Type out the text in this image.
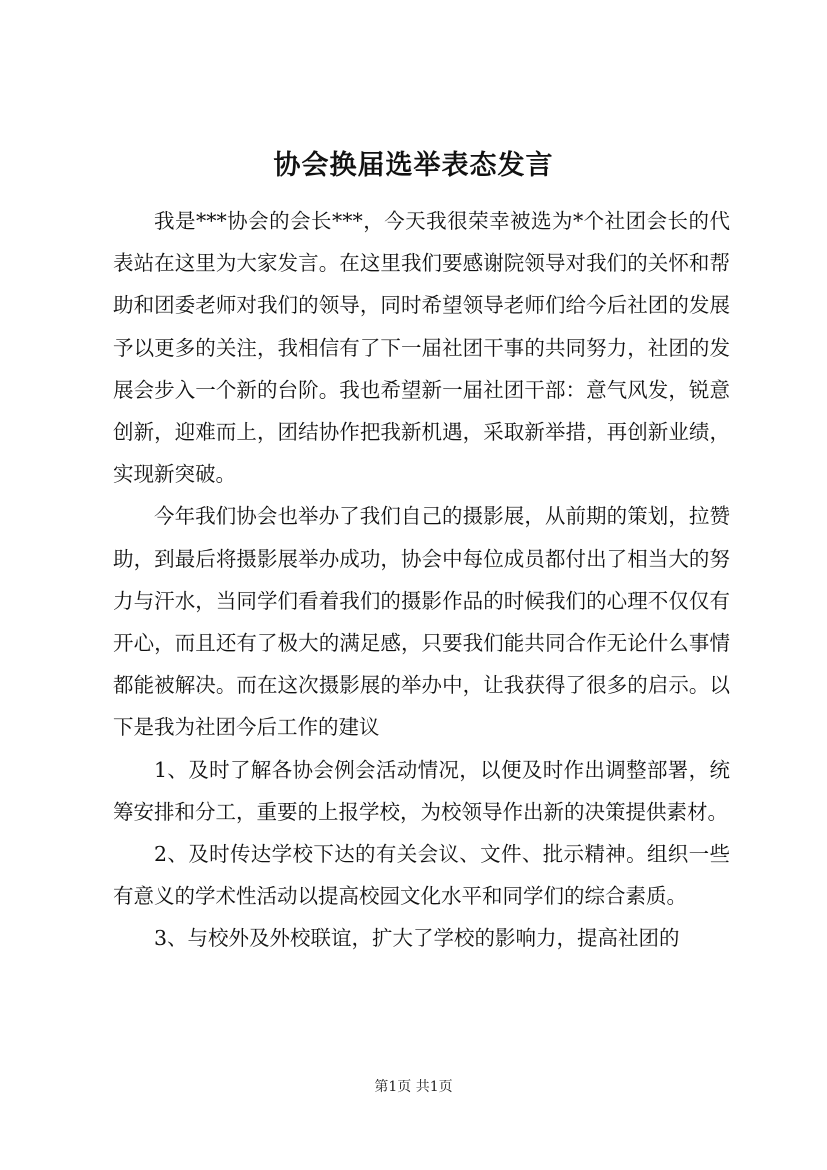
协会换届选举表态发言

我是***协会的会长***，今天我很荣幸被选为*个社团会长的代表站在这里为大家发言。在这里我们要感谢院领导对我们的关怀和帮助和团委老师对我们的领导，同时希望领导老师们给今后社团的发展予以更多的关注，我相信有了下一届社团干事的共同努力，社团的发展会步入一个新的台阶。我也希望新一届社团干部：意气风发，锐意创新，迎难而上，团结协作把我新机遇，采取新举措，再创新业绩，实现新突破。

今年我们协会也举办了我们自己的摄影展，从前期的策划，拉赞助，到最后将摄影展举办成功，协会中每位成员都付出了相当大的努力与汗水，当同学们看着我们的摄影作品的时候我们的心理不仅仅有开心，而且还有了极大的满足感，只要我们能共同合作无论什么事情都能被解决。而在这次摄影展的举办中，让我获得了很多的启示。以下是我为社团今后工作的建议

1、及时了解各协会例会活动情况，以便及时作出调整部署，统筹安排和分工，重要的上报学校，为校领导作出新的决策提供素材。

2、及时传达学校下达的有关会议、文件、批示精神。组织一些有意义的学术性活动以提高校园文化水平和同学们的综合素质。

3、与校外及外校联谊，扩大了学校的影响力，提高社团的

第1页 共1页
